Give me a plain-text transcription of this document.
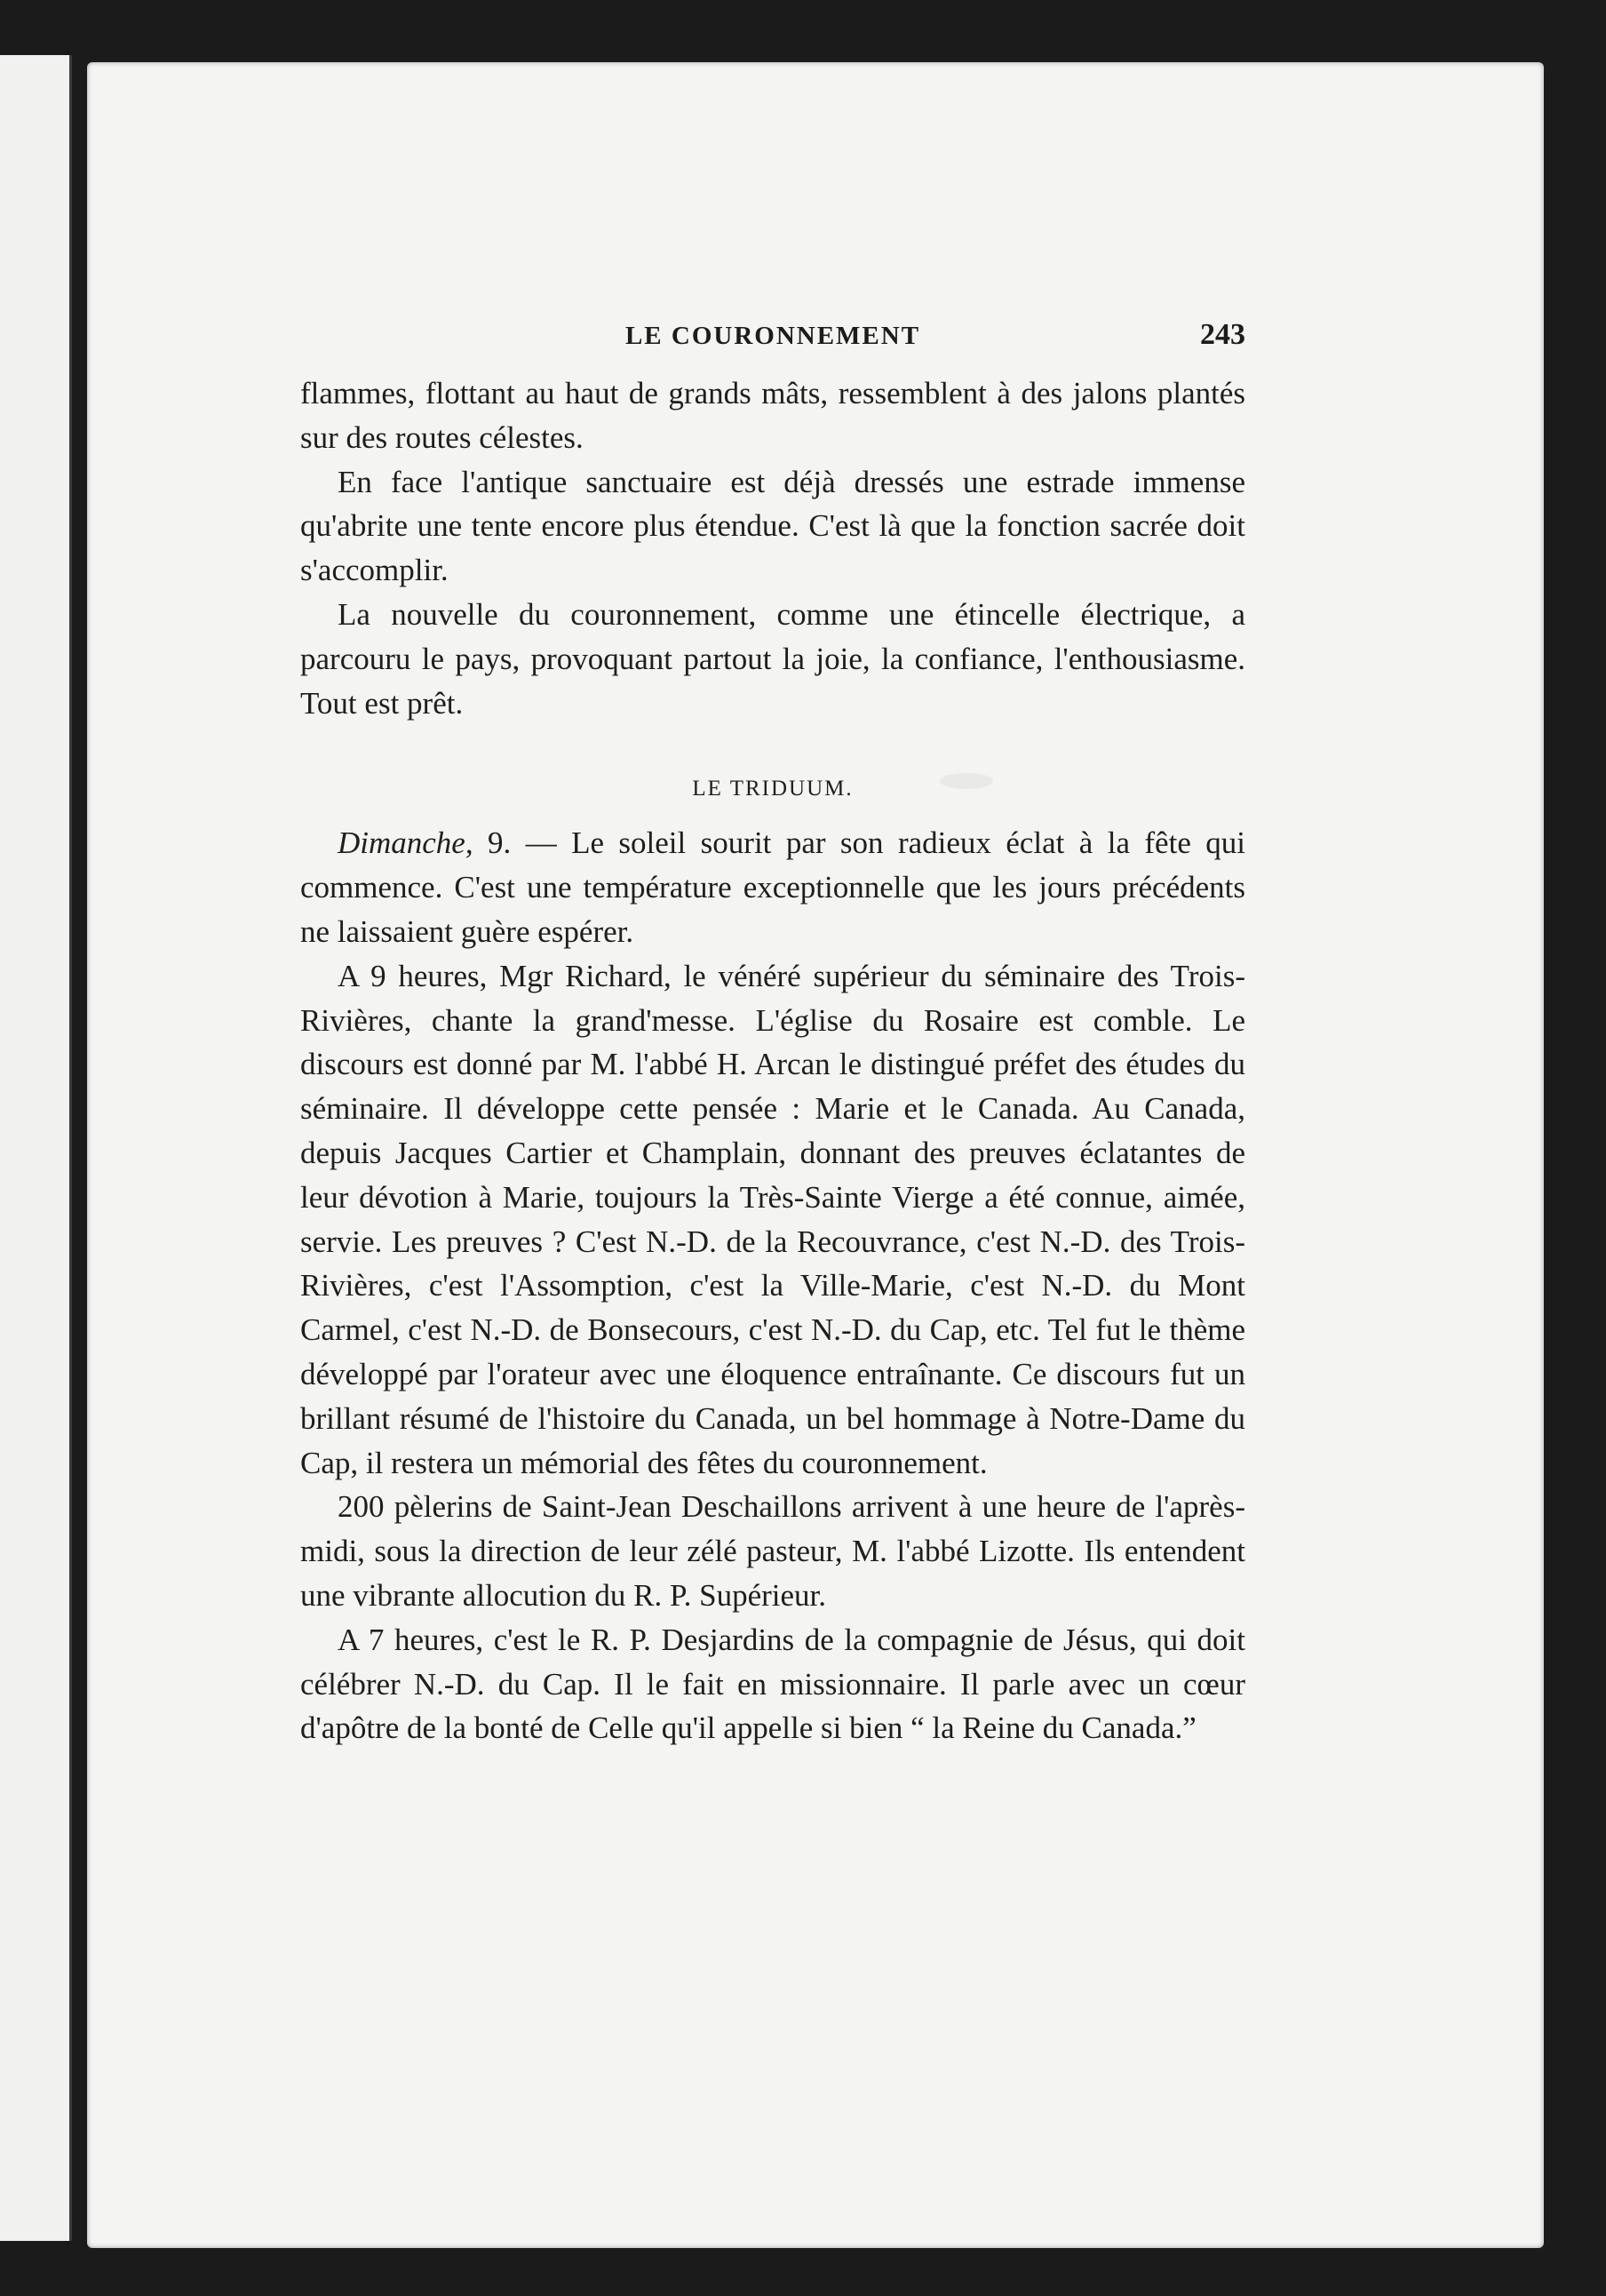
LE COURONNEMENT	243

flammes, flottant au haut de grands mâts, ressemblent à des jalons plantés sur des routes célestes.

En face l'antique sanctuaire est déjà dressés une estrade immense qu'abrite une tente encore plus étendue. C'est là que la fonction sacrée doit s'accomplir.

La nouvelle du couronnement, comme une étincelle électrique, a parcouru le pays, provoquant partout la joie, la confiance, l'enthousiasme. Tout est prêt.

LE TRIDUUM.

Dimanche, 9. — Le soleil sourit par son radieux éclat à la fête qui commence. C'est une température exceptionnelle que les jours précédents ne laissaient guère espérer.

A 9 heures, Mgr Richard, le vénéré supérieur du séminaire des Trois-Rivières, chante la grand'messe. L'église du Rosaire est comble. Le discours est donné par M. l'abbé H. Arcan le distingué préfet des études du séminaire. Il développe cette pensée : Marie et le Canada. Au Canada, depuis Jacques Cartier et Champlain, donnant des preuves éclatantes de leur dévotion à Marie, toujours la Très-Sainte Vierge a été connue, aimée, servie. Les preuves ? C'est N.-D. de la Recouvrance, c'est N.-D. des Trois-Rivières, c'est l'Assomption, c'est la Ville-Marie, c'est N.-D. du Mont Carmel, c'est N.-D. de Bonsecours, c'est N.-D. du Cap, etc. Tel fut le thème développé par l'orateur avec une éloquence entraînante. Ce discours fut un brillant résumé de l'histoire du Canada, un bel hommage à Notre-Dame du Cap, il restera un mémorial des fêtes du couronnement.

200 pèlerins de Saint-Jean Deschaillons arrivent à une heure de l'après-midi, sous la direction de leur zélé pasteur, M. l'abbé Lizotte. Ils entendent une vibrante allocution du R. P. Supérieur.

A 7 heures, c'est le R. P. Desjardins de la compagnie de Jésus, qui doit célébrer N.-D. du Cap. Il le fait en missionnaire. Il parle avec un cœur d'apôtre de la bonté de Celle qu'il appelle si bien “ la Reine du Canada.”
